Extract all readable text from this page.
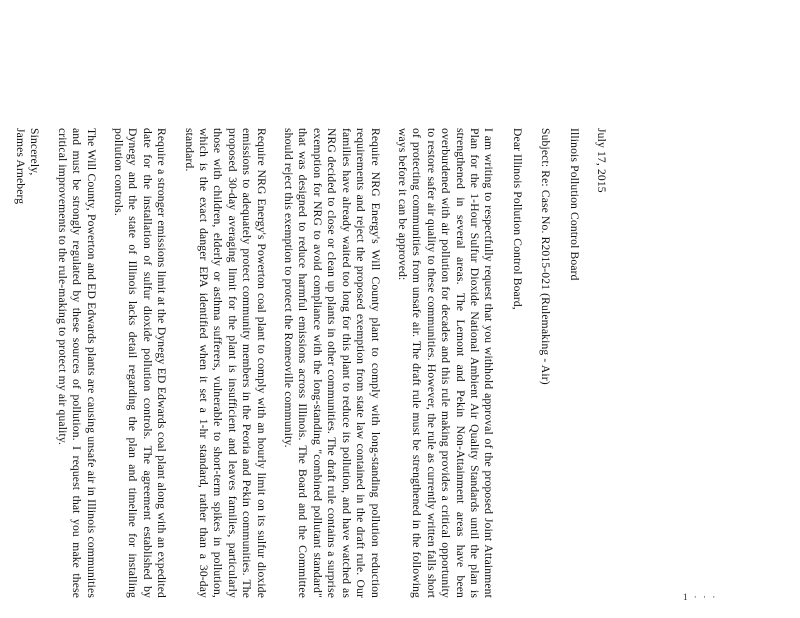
July 17, 2015

Illinois Pollution Control Board

Subject: Re: Case No. R2015-021 (Rulemaking - Air)

Dear Illinois Pollution Control Board,

I am writing to respectfully request that you withhold approval of the proposed Joint Attainment Plan for the 1-Hour Sulfur Dioxide National Ambient Air Quality Standards until the plan is strengthened in several areas. The Lemont and Pekin Non-Attainment areas have been overburdened with air pollution for decades and this rule making provides a critical opportunity to restore safer air quality to these communities. However, the rule as currently written falls short of protecting communities from unsafe air. The draft rule must be strengthened in the following ways before it can be approved:

Require NRG Energy's Will County plant to comply with long-standing pollution reduction requirements and reject the proposed exemption from state law contained in the draft rule. Our families have already waited too long for this plant to reduce its pollution, and have watched as NRG decided to close or clean up plants in other communities. The draft rule contains a surprise exemption for NRG to avoid compliance with the long-standing "combined pollutant standard" that was designed to reduce harmful emissions across Illinois. The Board and the Committee should reject this exemption to protect the Romeoville community.

Require NRG Energy's Powerton coal plant to comply with an hourly limit on its sulfur dioxide emissions to adequately protect community members in the Peoria and Pekin communities. The proposed 30-day averaging limit for the plant is insufficient and leaves families, particularly those with children, elderly or asthma sufferers, vulnerable to short-term spikes in pollution, which is the exact danger EPA identified when it set a 1-hr standard, rather than a 30-day standard.

Require a stronger emissions limit at the Dynegy ED Edwards coal plant along with an expedited date for the installation of sulfur dioxide pollution controls. The agreement established by Dynegy and the state of Illinois lacks detail regarding the plan and timeline for installing pollution controls.

The Will County, Powerton and ED Edwards plants are causing unsafe air in Illinois communities and must be strongly regulated by these sources of pollution. I request that you make these critical improvements to the rule-making to protect my air quality.

Sincerely,

James Arneberg

1 · · ·
